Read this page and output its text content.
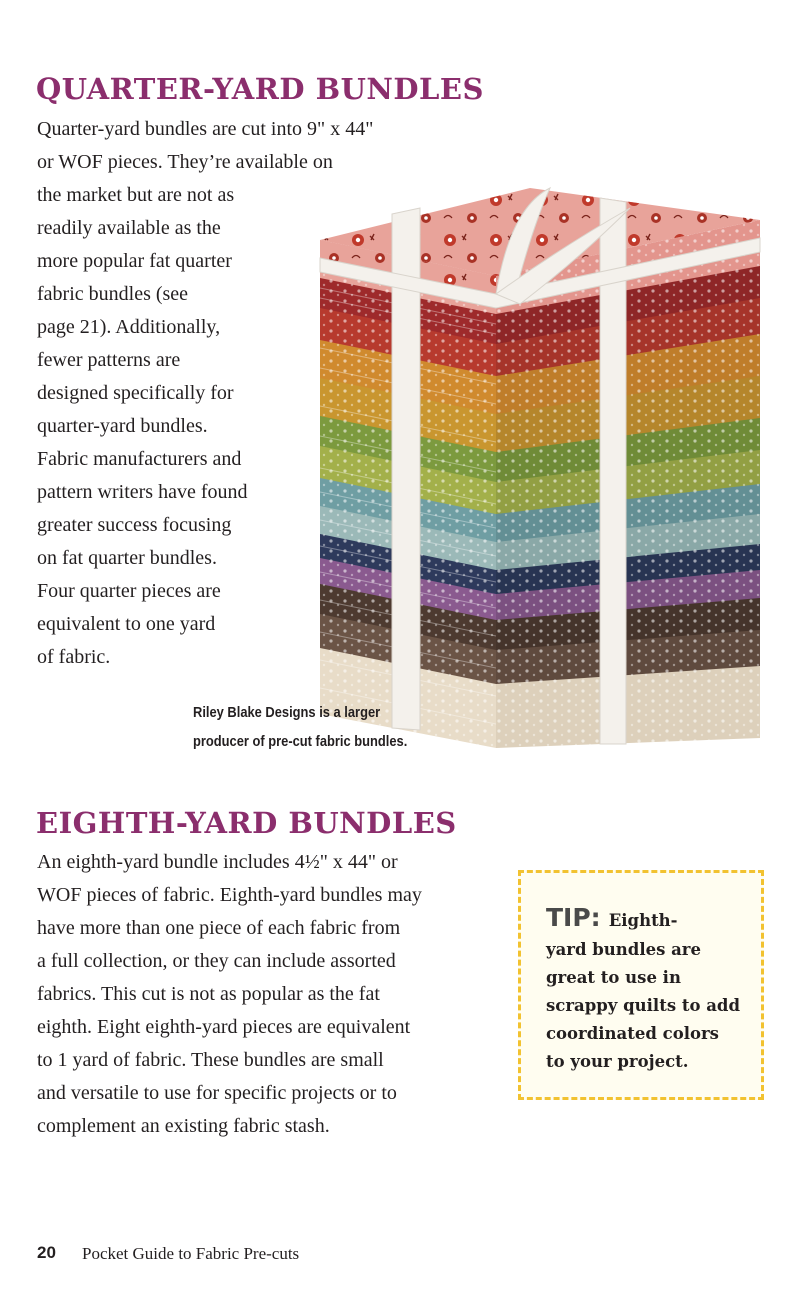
QUARTER-YARD BUNDLES
Quarter-yard bundles are cut into 9" x 44"
or WOF pieces. They’re available on
the market but are not as
readily available as the
more popular fat quarter
fabric bundles (see
page 21). Additionally,
fewer patterns are
designed specifically for
quarter-yard bundles.
Fabric manufacturers and
pattern writers have found
greater success focusing
on fat quarter bundles.
Four quarter pieces are
equivalent to one yard
of fabric.
Riley Blake Designs is a larger
producer of pre-cut fabric bundles.
EIGHTH-YARD BUNDLES
An eighth-yard bundle includes 4½" x 44" or
WOF pieces of fabric. Eighth-yard bundles may
have more than one piece of each fabric from
a full collection, or they can include assorted
fabrics. This cut is not as popular as the fat
eighth. Eight eighth-yard pieces are equivalent
to 1 yard of fabric. These bundles are small
and versatile to use for specific projects or to
complement an existing fabric stash.
TIP: Eighth-
yard bundles are
great to use in
scrappy quilts to add
coordinated colors
to your project.
20 Pocket Guide to Fabric Pre-cuts
